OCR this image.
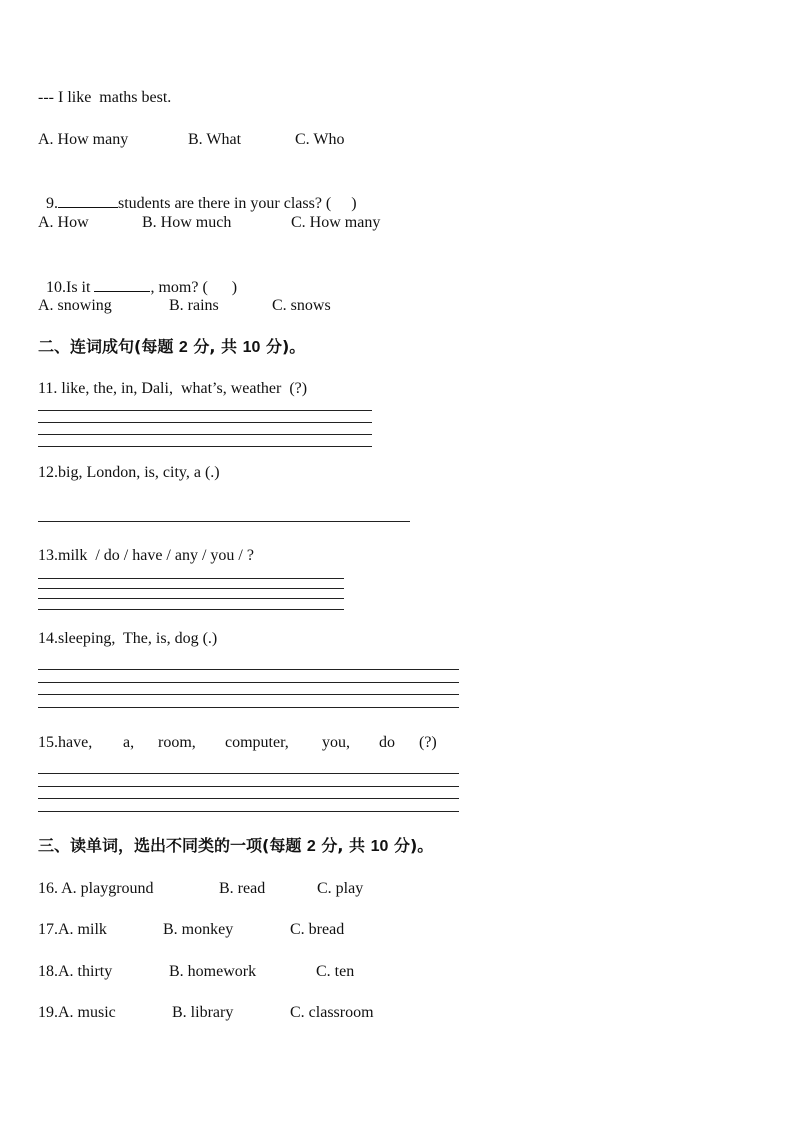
--- I like  maths best.
A. How many	B. What	C. Who

9.	students are there in your class? (     )

A. How	B. How much	C. How many

10.Is it	, mom? (      )

A. snowing	B. rains	C. snows
二、连词成句(每题 2 分, 共 10 分)。
11. like, the, in, Dali,  what’s, weather  (?)
12.big, London, is, city, a (.)
13.milk  / do / have / any / you / ?
14.sleeping,  The, is, dog (.)
15.have, a, room, computer, you, do (?)
三、读单词，选出不同类的一项(每题 2 分, 共 10 分)。
16. A. playground	B. read	C. play
17.A. milk	B. monkey	C. bread
18.A. thirty	B. homework	C. ten
19.A. music	B. library	C. classroom
